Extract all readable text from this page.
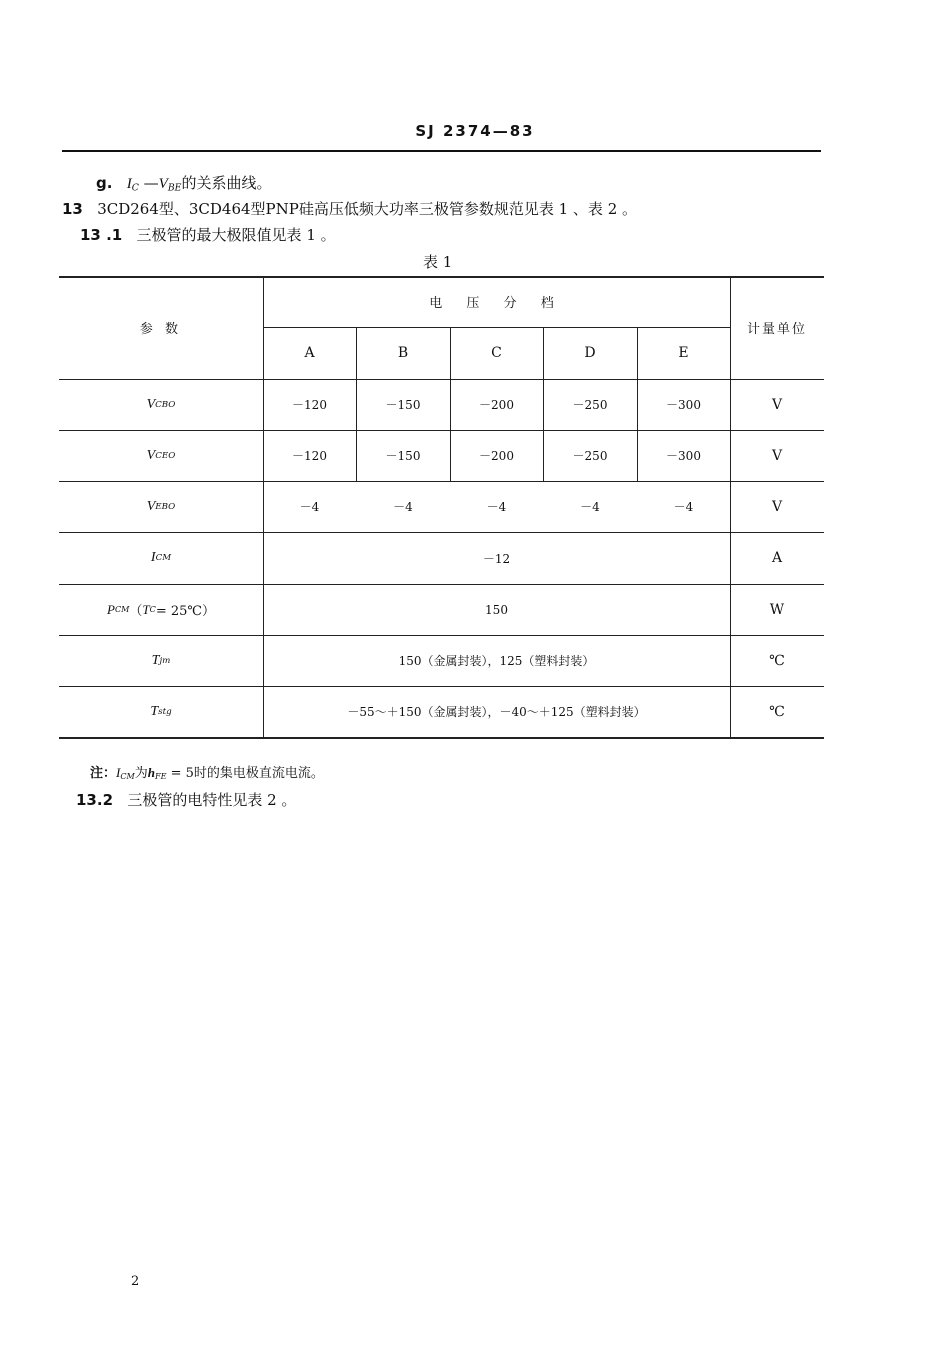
SJ 2374—83
g. $I_C$ $—V_{BE}$的关系曲线。
13 3CD264型、3CD464型PNP硅高压低频大功率三极管参数规范见表 1 、表 2 。
13 .1 三极管的最大极限值见表 1 。
表 1
参 数
电 压 分 档
计量单位
A	B	C	D	E
V CBO	－120	－150	－200	－250	－300	V
V CEO	－120	－150	－200	－250	－300	V
V EBO	－4	－4	－4	－4	－4	V
I CM	－12	A
P CM （ T C = 25℃）	150	W
T jm	150（金属封装），125（塑料封装）	℃
T stg	－55～＋150（金属封装），－40～＋125（塑料封装）	℃
注：$I_{CM}$为$h_{FE} = 5$时的集电极直流电流。
13.2 三极管的电特性见表 2 。
2
